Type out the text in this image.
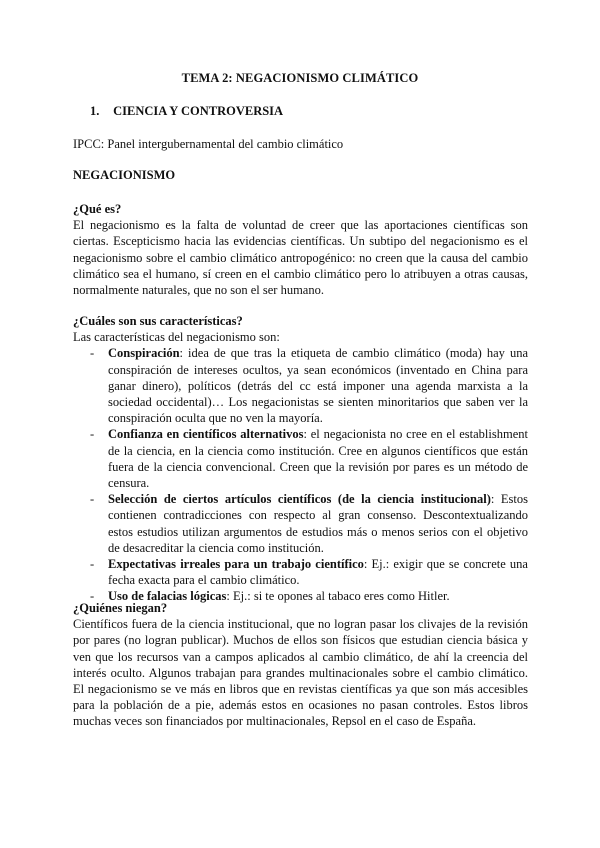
TEMA 2: NEGACIONISMO CLIMÁTICO
1. CIENCIA Y CONTROVERSIA
IPCC: Panel intergubernamental del cambio climático
NEGACIONISMO
¿Qué es?

El negacionismo es la falta de voluntad de creer que las aportaciones científicas son ciertas. Escepticismo hacia las evidencias científicas. Un subtipo del negacionismo es el negacionismo sobre el cambio climático antropogénico: no creen que la causa del cambio climático sea el humano, sí creen en el cambio climático pero lo atribuyen a otras causas, normalmente naturales, que no son el ser humano.

¿Cuáles son sus características?

Las características del negacionismo son:

- Conspiración: idea de que tras la etiqueta de cambio climático (moda) hay una conspiración de intereses ocultos, ya sean económicos (inventado en China para ganar dinero), políticos (detrás del cc está imponer una agenda marxista a la sociedad occidental)… Los negacionistas se sienten minoritarios que saben ver la conspiración oculta que no ven la mayoría.
- Confianza en científicos alternativos: el negacionista no cree en el establishment de la ciencia, en la ciencia como institución. Cree en algunos científicos que están fuera de la ciencia convencional. Creen que la revisión por pares es un método de censura.
- Selección de ciertos artículos científicos (de la ciencia institucional): Estos contienen contradicciones con respecto al gran consenso. Descontextualizando estos estudios utilizan argumentos de estudios más o menos serios con el objetivo de desacreditar la ciencia como institución.
- Expectativas irreales para un trabajo científico: Ej.: exigir que se concrete una fecha exacta para el cambio climático.
- Uso de falacias lógicas: Ej.: si te opones al tabaco eres como Hitler.
¿Quiénes niegan?

Científicos fuera de la ciencia institucional, que no logran pasar los clivajes de la revisión por pares (no logran publicar). Muchos de ellos son físicos que estudian ciencia básica y ven que los recursos van a campos aplicados al cambio climático, de ahí la creencia del interés oculto. Algunos trabajan para grandes multinacionales sobre el cambio climático. El negacionismo se ve más en libros que en revistas científicas ya que son más accesibles para la población de a pie, además estos en ocasiones no pasan controles. Estos libros muchas veces son financiados por multinacionales, Repsol en el caso de España.
